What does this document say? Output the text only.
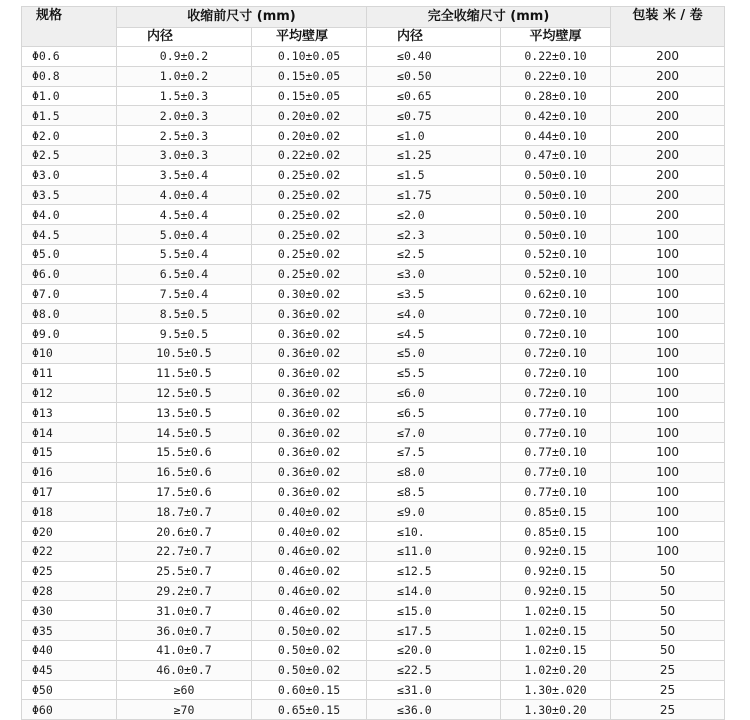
规格	收缩前尺寸 (mm)		完全收缩尺寸 (mm)		包装 米 / 卷
	内径	平均壁厚	内径	平均壁厚	
Φ0.6	0.9±0.2	0.10±0.05	≤0.40	0.22±0.10	200
Φ0.8	1.0±0.2	0.15±0.05	≤0.50	0.22±0.10	200
Φ1.0	1.5±0.3	0.15±0.05	≤0.65	0.28±0.10	200
Φ1.5	2.0±0.3	0.20±0.02	≤0.75	0.42±0.10	200
Φ2.0	2.5±0.3	0.20±0.02	≤1.0	0.44±0.10	200
Φ2.5	3.0±0.3	0.22±0.02	≤1.25	0.47±0.10	200
Φ3.0	3.5±0.4	0.25±0.02	≤1.5	0.50±0.10	200
Φ3.5	4.0±0.4	0.25±0.02	≤1.75	0.50±0.10	200
Φ4.0	4.5±0.4	0.25±0.02	≤2.0	0.50±0.10	200
Φ4.5	5.0±0.4	0.25±0.02	≤2.3	0.50±0.10	100
Φ5.0	5.5±0.4	0.25±0.02	≤2.5	0.52±0.10	100
Φ6.0	6.5±0.4	0.25±0.02	≤3.0	0.52±0.10	100
Φ7.0	7.5±0.4	0.30±0.02	≤3.5	0.62±0.10	100
Φ8.0	8.5±0.5	0.36±0.02	≤4.0	0.72±0.10	100
Φ9.0	9.5±0.5	0.36±0.02	≤4.5	0.72±0.10	100
Φ10	10.5±0.5	0.36±0.02	≤5.0	0.72±0.10	100
Φ11	11.5±0.5	0.36±0.02	≤5.5	0.72±0.10	100
Φ12	12.5±0.5	0.36±0.02	≤6.0	0.72±0.10	100
Φ13	13.5±0.5	0.36±0.02	≤6.5	0.77±0.10	100
Φ14	14.5±0.5	0.36±0.02	≤7.0	0.77±0.10	100
Φ15	15.5±0.6	0.36±0.02	≤7.5	0.77±0.10	100
Φ16	16.5±0.6	0.36±0.02	≤8.0	0.77±0.10	100
Φ17	17.5±0.6	0.36±0.02	≤8.5	0.77±0.10	100
Φ18	18.7±0.7	0.40±0.02	≤9.0	0.85±0.15	100
Φ20	20.6±0.7	0.40±0.02	≤10.	0.85±0.15	100
Φ22	22.7±0.7	0.46±0.02	≤11.0	0.92±0.15	100
Φ25	25.5±0.7	0.46±0.02	≤12.5	0.92±0.15	50
Φ28	29.2±0.7	0.46±0.02	≤14.0	0.92±0.15	50
Φ30	31.0±0.7	0.46±0.02	≤15.0	1.02±0.15	50
Φ35	36.0±0.7	0.50±0.02	≤17.5	1.02±0.15	50
Φ40	41.0±0.7	0.50±0.02	≤20.0	1.02±0.15	50
Φ45	46.0±0.7	0.50±0.02	≤22.5	1.02±0.20	25
Φ50	≥60	0.60±0.15	≤31.0	1.30±.020	25
Φ60	≥70	0.65±0.15	≤36.0	1.30±0.20	25
